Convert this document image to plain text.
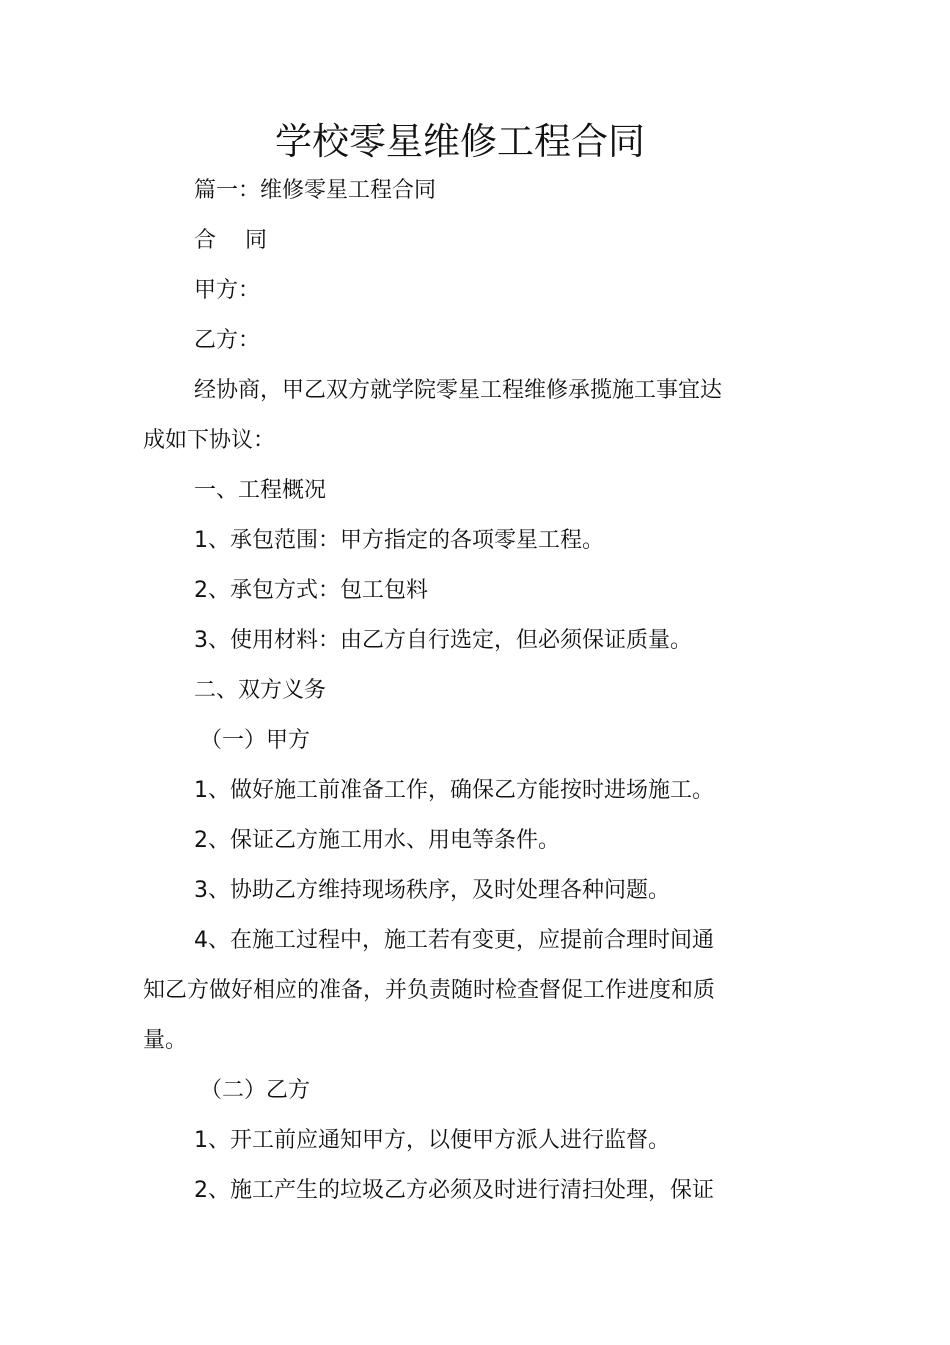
学校零星维修工程合同
篇一：维修零星工程合同
合　 同
甲方：
乙方：
经协商，甲乙双方就学院零星工程维修承揽施工事宜达
成如下协议：
一、工程概况
1、承包范围：甲方指定的各项零星工程。
2、承包方式：包工包料
3、使用材料：由乙方自行选定，但必须保证质量。
二、双方义务
（一）甲方
1、做好施工前准备工作，确保乙方能按时进场施工。
2、保证乙方施工用水、用电等条件。
3、协助乙方维持现场秩序，及时处理各种问题。
4、在施工过程中，施工若有变更，应提前合理时间通
知乙方做好相应的准备，并负责随时检查督促工作进度和质
量。
（二）乙方
1、开工前应通知甲方，以便甲方派人进行监督。
2、施工产生的垃圾乙方必须及时进行清扫处理，保证
